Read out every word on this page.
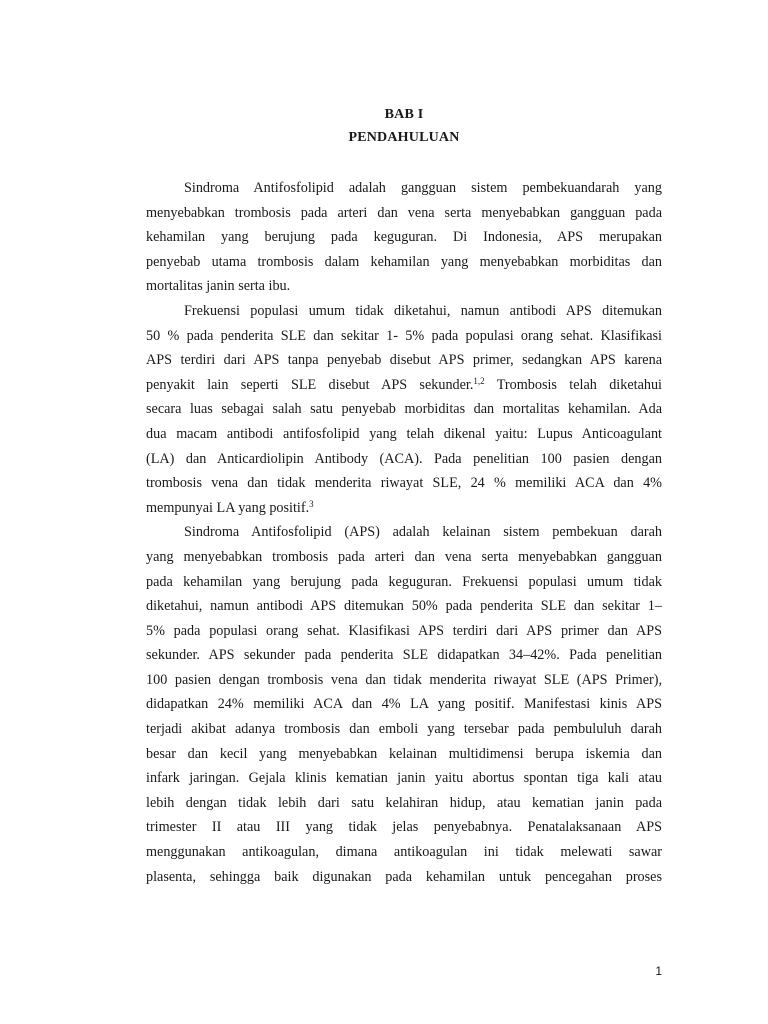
BAB I
PENDAHULUAN
Sindroma Antifosfolipid adalah gangguan sistem pembekuandarah yang
menyebabkan trombosis pada arteri dan vena serta menyebabkan gangguan pada
kehamilan yang berujung pada keguguran. Di Indonesia, APS merupakan
penyebab utama trombosis dalam kehamilan yang menyebabkan morbiditas dan
mortalitas janin serta ibu.
Frekuensi populasi umum tidak diketahui, namun antibodi APS ditemukan
50 % pada penderita SLE dan sekitar 1- 5% pada populasi orang sehat. Klasifikasi
APS terdiri dari APS tanpa penyebab disebut APS primer, sedangkan APS karena
penyakit lain seperti SLE disebut APS sekunder.$^{1,2}$ Trombosis telah diketahui
secara luas sebagai salah satu penyebab morbiditas dan mortalitas kehamilan. Ada
dua macam antibodi antifosfolipid yang telah dikenal yaitu: Lupus Anticoagulant
(LA) dan Anticardiolipin Antibody (ACA). Pada penelitian 100 pasien dengan
trombosis vena dan tidak menderita riwayat SLE, 24 % memiliki ACA dan 4%
mempunyai LA yang positif.$^3$
Sindroma Antifosfolipid (APS) adalah kelainan sistem pembekuan darah
yang menyebabkan trombosis pada arteri dan vena serta menyebabkan gangguan
pada kehamilan yang berujung pada keguguran. Frekuensi populasi umum tidak
diketahui, namun antibodi APS ditemukan 50% pada penderita SLE dan sekitar 1–
5% pada populasi orang sehat. Klasifikasi APS terdiri dari APS primer dan APS
sekunder. APS sekunder pada penderita SLE didapatkan 34–42%. Pada penelitian
100 pasien dengan trombosis vena dan tidak menderita riwayat SLE (APS Primer),
didapatkan 24% memiliki ACA dan 4% LA yang positif. Manifestasi kinis APS
terjadi akibat adanya trombosis dan emboli yang tersebar pada pembululuh darah
besar dan kecil yang menyebabkan kelainan multidimensi berupa iskemia dan
infark jaringan. Gejala klinis kematian janin yaitu abortus spontan tiga kali atau
lebih dengan tidak lebih dari satu kelahiran hidup, atau kematian janin pada
trimester II atau III yang tidak jelas penyebabnya. Penatalaksanaan APS
menggunakan antikoagulan, dimana antikoagulan ini tidak melewati sawar
plasenta, sehingga baik digunakan pada kehamilan untuk pencegahan proses
1
